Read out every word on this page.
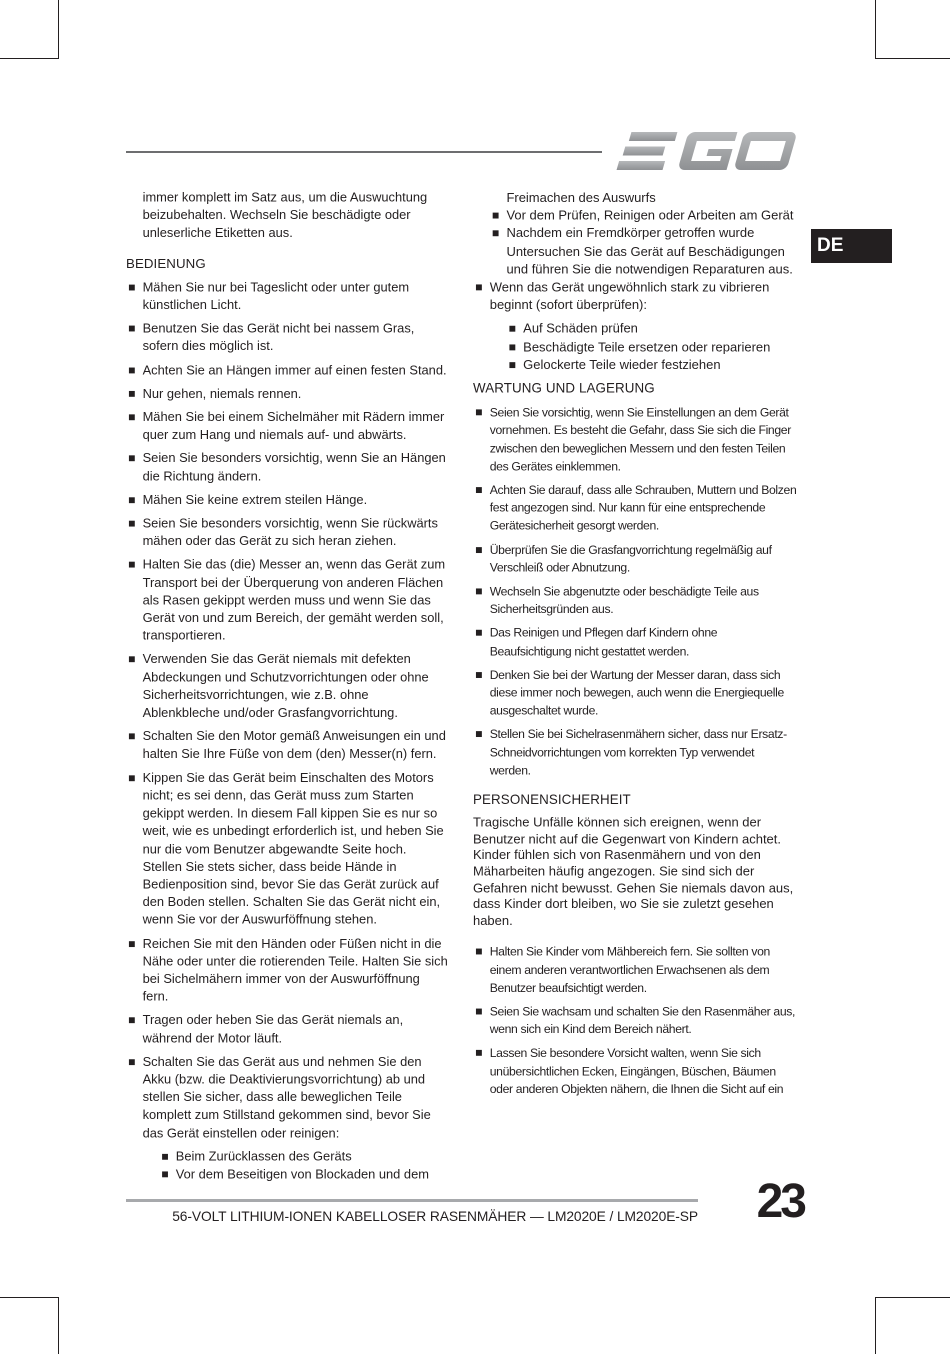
DE

immer komplett im Satz aus, um die Auswuchtung beizubehalten. Wechseln Sie beschädigte oder unleserliche Etiketten aus.

BEDIENUNG
Mähen Sie nur bei Tageslicht oder unter gutem künstlichen Licht.
Benutzen Sie das Gerät nicht bei nassem Gras, sofern dies möglich ist.
Achten Sie an Hängen immer auf einen festen Stand.
Nur gehen, niemals rennen.
Mähen Sie bei einem Sichelmäher mit Rädern immer quer zum Hang und niemals auf- und abwärts.
Seien Sie besonders vorsichtig, wenn Sie an Hängen die Richtung ändern.
Mähen Sie keine extrem steilen Hänge.
Seien Sie besonders vorsichtig, wenn Sie rückwärts mähen oder das Gerät zu sich heran ziehen.
Halten Sie das (die) Messer an, wenn das Gerät zum Transport bei der Überquerung von anderen Flächen als Rasen gekippt werden muss und wenn Sie das Gerät von und zum Bereich, der gemäht werden soll, transportieren.
Verwenden Sie das Gerät niemals mit defekten Abdeckungen und Schutzvorrichtungen oder ohne Sicherheitsvorrichtungen, wie z.B. ohne Ablenkbleche und/oder Grasfangvorrichtung.
Schalten Sie den Motor gemäß Anweisungen ein und halten Sie Ihre Füße von dem (den) Messer(n) fern.
Kippen Sie das Gerät beim Einschalten des Motors nicht; es sei denn, das Gerät muss zum Starten gekippt werden. In diesem Fall kippen Sie es nur so weit, wie es unbedingt erforderlich ist, und heben Sie nur die vom Benutzer abgewandte Seite hoch. Stellen Sie stets sicher, dass beide Hände in Bedienposition sind, bevor Sie das Gerät zurück auf den Boden stellen. Schalten Sie das Gerät nicht ein, wenn Sie vor der Auswurföffnung stehen.
Reichen Sie mit den Händen oder Füßen nicht in die Nähe oder unter die rotierenden Teile. Halten Sie sich bei Sichelmähern immer von der Auswurföffnung fern.
Tragen oder heben Sie das Gerät niemals an, während der Motor läuft.
Schalten Sie das Gerät aus und nehmen Sie den Akku (bzw. die Deaktivierungsvorrichtung) ab und stellen Sie sicher, dass alle beweglichen Teile komplett zum Stillstand gekommen sind, bevor Sie das Gerät einstellen oder reinigen:
Beim Zurücklassen des Geräts
Vor dem Beseitigen von Blockaden und dem
Freimachen des Auswurfs
Vor dem Prüfen, Reinigen oder Arbeiten am Gerät
Nachdem ein Fremdkörper getroffen wurde Untersuchen Sie das Gerät auf Beschädigungen und führen Sie die notwendigen Reparaturen aus.
Wenn das Gerät ungewöhnlich stark zu vibrieren beginnt (sofort überprüfen):
Auf Schäden prüfen
Beschädigte Teile ersetzen oder reparieren
Gelockerte Teile wieder festziehen
WARTUNG UND LAGERUNG
Seien Sie vorsichtig, wenn Sie Einstellungen an dem Gerät vornehmen. Es besteht die Gefahr, dass Sie sich die Finger zwischen den beweglichen Messern und den festen Teilen des Gerätes einklemmen.
Achten Sie darauf, dass alle Schrauben, Muttern und Bolzen fest angezogen sind. Nur kann für eine entsprechende Gerätesicherheit gesorgt werden.
Überprüfen Sie die Grasfangvorrichtung regelmäßig auf Verschleiß oder Abnutzung.
Wechseln Sie abgenutzte oder beschädigte Teile aus Sicherheitsgründen aus.
Das Reinigen und Pflegen darf Kindern ohne Beaufsichtigung nicht gestattet werden.
Denken Sie bei der Wartung der Messer daran, dass sich diese immer noch bewegen, auch wenn die Energiequelle ausgeschaltet wurde.
Stellen Sie bei Sichelrasenmähern sicher, dass nur Ersatz-Schneidvorrichtungen vom korrekten Typ verwendet werden.
PERSONENSICHERHEIT

Tragische Unfälle können sich ereignen, wenn der Benutzer nicht auf die Gegenwart von Kindern achtet. Kinder fühlen sich von Rasenmähern und von den Mäharbeiten häufig angezogen. Sie sind sich der Gefahren nicht bewusst. Gehen Sie niemals davon aus, dass Kinder dort bleiben, wo Sie sie zuletzt gesehen haben.

Halten Sie Kinder vom Mähbereich fern. Sie sollten von einem anderen verantwortlichen Erwachsenen als dem Benutzer beaufsichtigt werden.
Seien Sie wachsam und schalten Sie den Rasenmäher aus, wenn sich ein Kind dem Bereich nähert.
Lassen Sie besondere Vorsicht walten, wenn Sie sich unübersichtlichen Ecken, Eingängen, Büschen, Bäumen oder anderen Objekten nähern, die Ihnen die Sicht auf ein
56-VOLT LITHIUM-IONEN KABELLOSER RASENMÄHER — LM2020E / LM2020E-SP 23
